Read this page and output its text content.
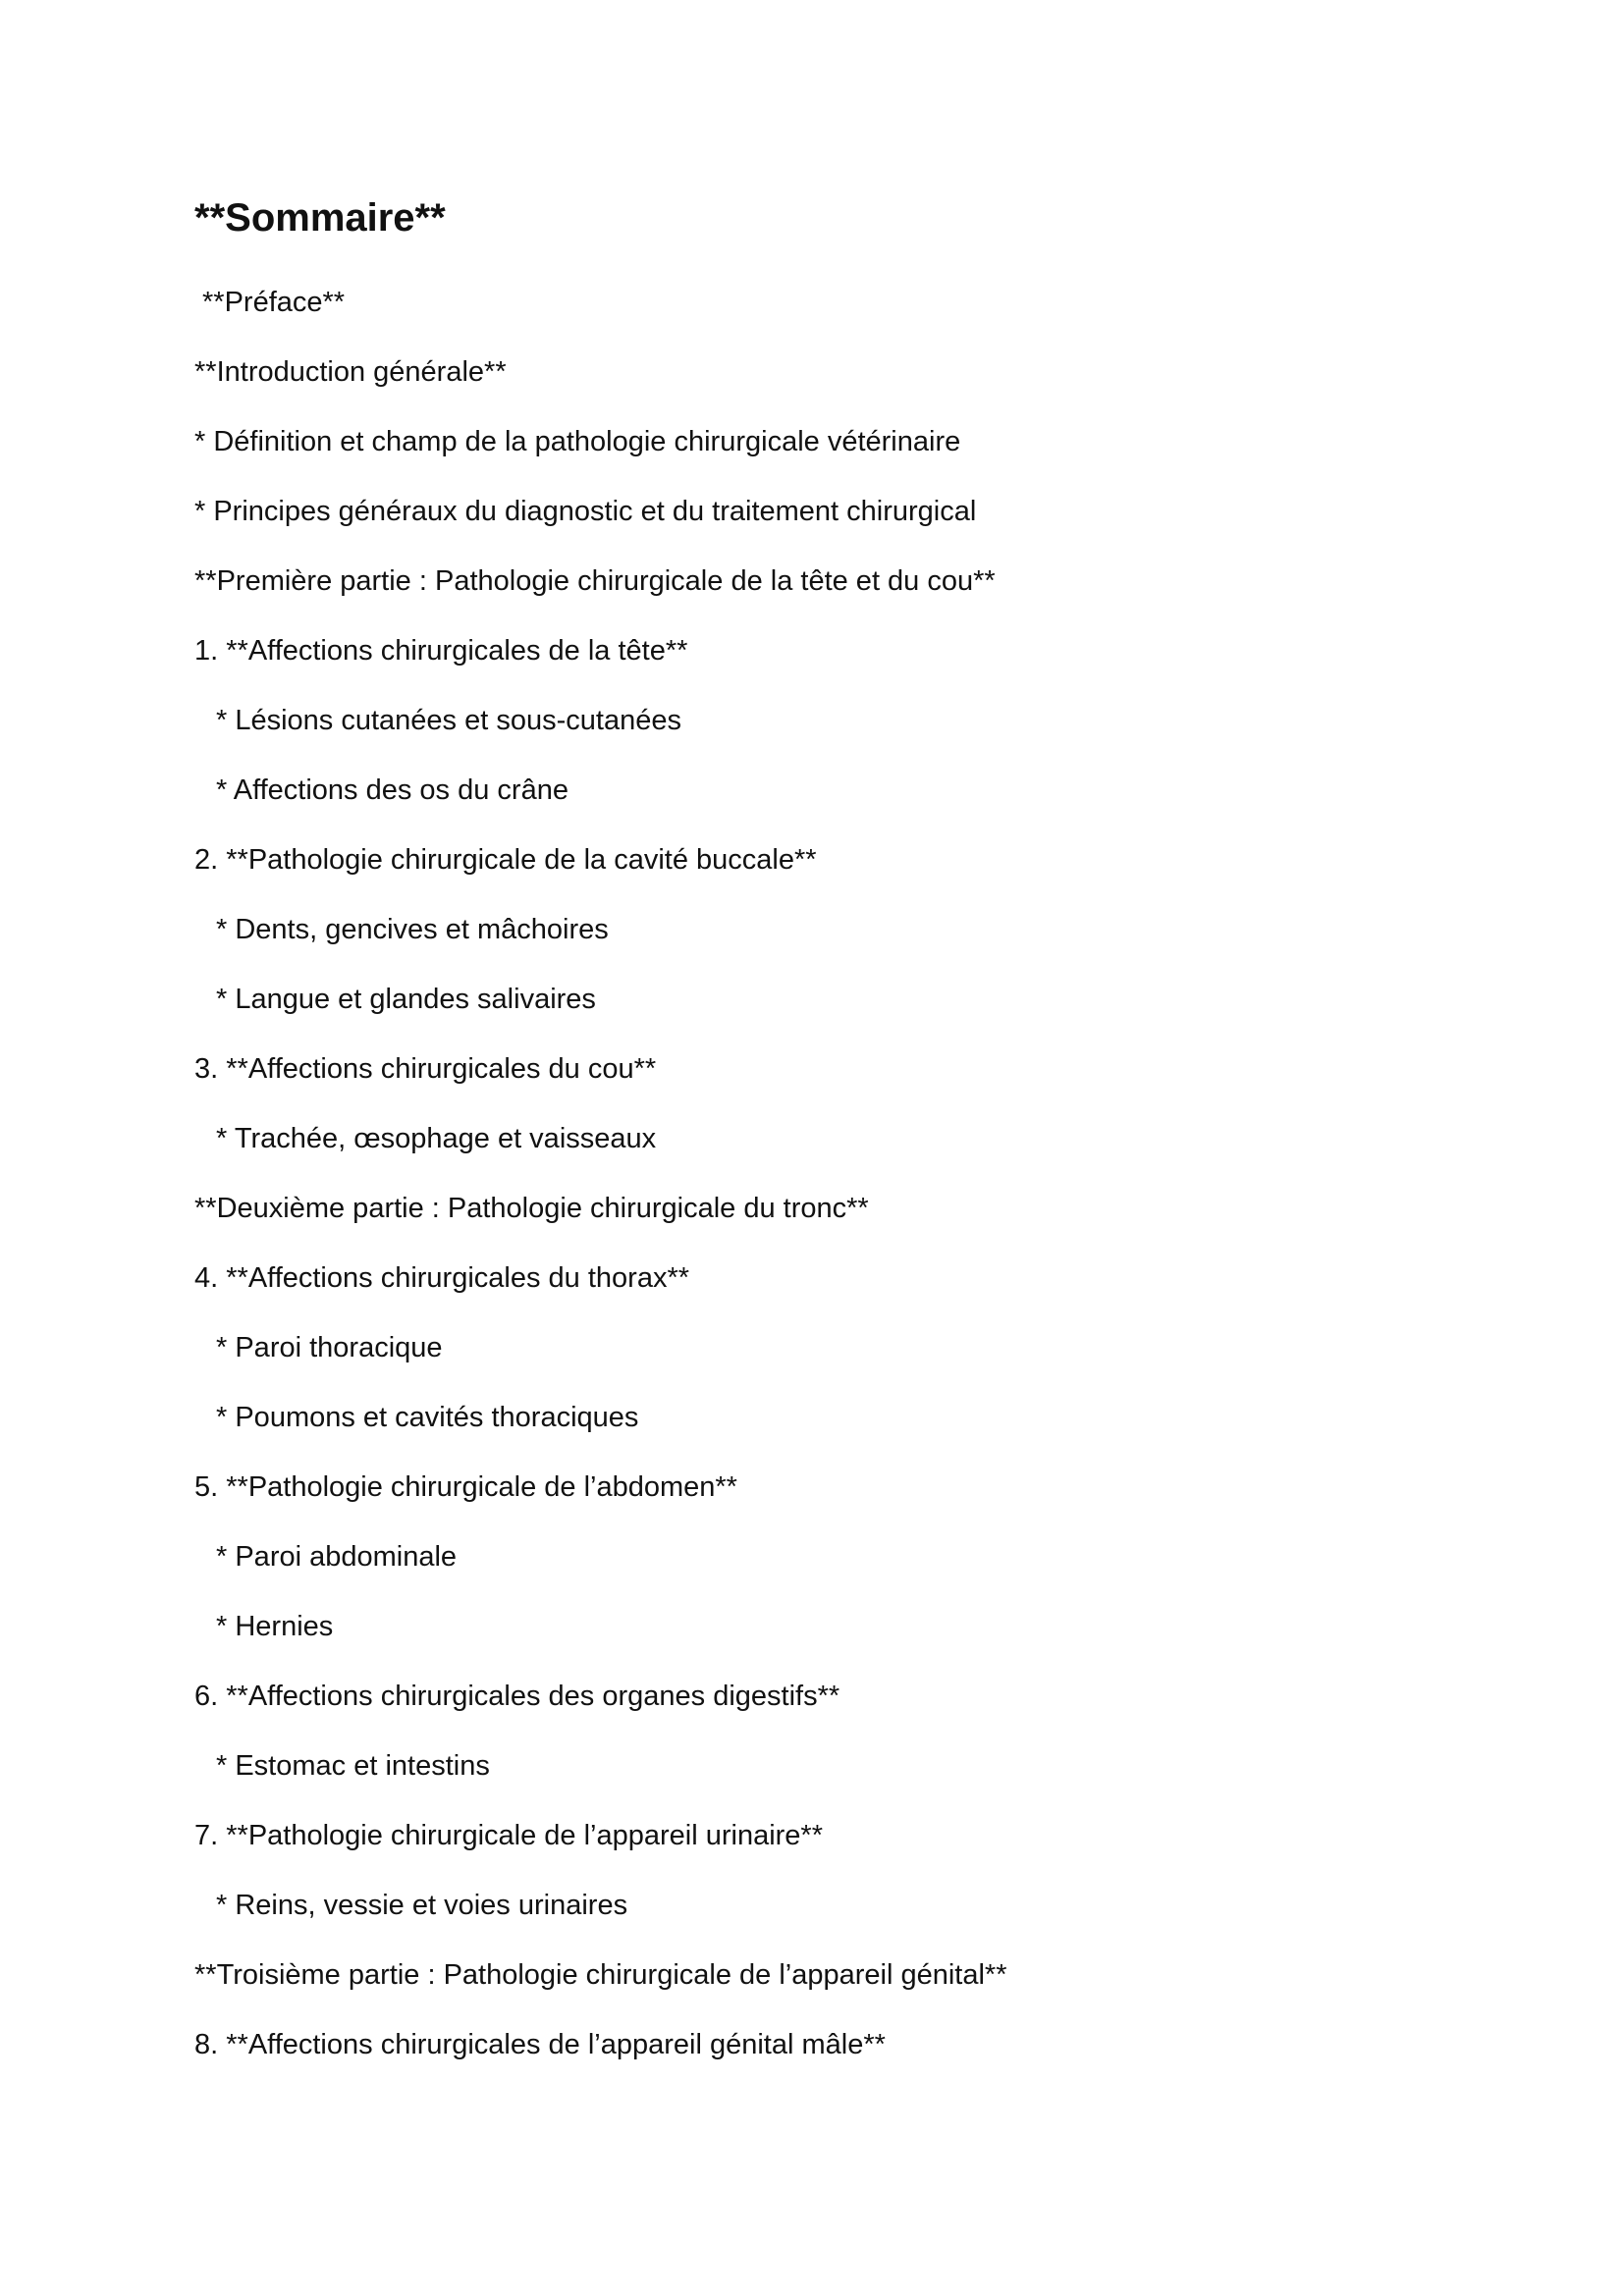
**Sommaire**
**Préface**
**Introduction générale**
* Définition et champ de la pathologie chirurgicale vétérinaire
* Principes généraux du diagnostic et du traitement chirurgical
**Première partie : Pathologie chirurgicale de la tête et du cou**
1. **Affections chirurgicales de la tête**
* Lésions cutanées et sous-cutanées
* Affections des os du crâne
2. **Pathologie chirurgicale de la cavité buccale**
* Dents, gencives et mâchoires
* Langue et glandes salivaires
3. **Affections chirurgicales du cou**
* Trachée, œsophage et vaisseaux
**Deuxième partie : Pathologie chirurgicale du tronc**
4. **Affections chirurgicales du thorax**
* Paroi thoracique
* Poumons et cavités thoraciques
5. **Pathologie chirurgicale de l’abdomen**
* Paroi abdominale
* Hernies
6. **Affections chirurgicales des organes digestifs**
* Estomac et intestins
7. **Pathologie chirurgicale de l’appareil urinaire**
* Reins, vessie et voies urinaires
**Troisième partie : Pathologie chirurgicale de l’appareil génital**
8. **Affections chirurgicales de l’appareil génital mâle**
